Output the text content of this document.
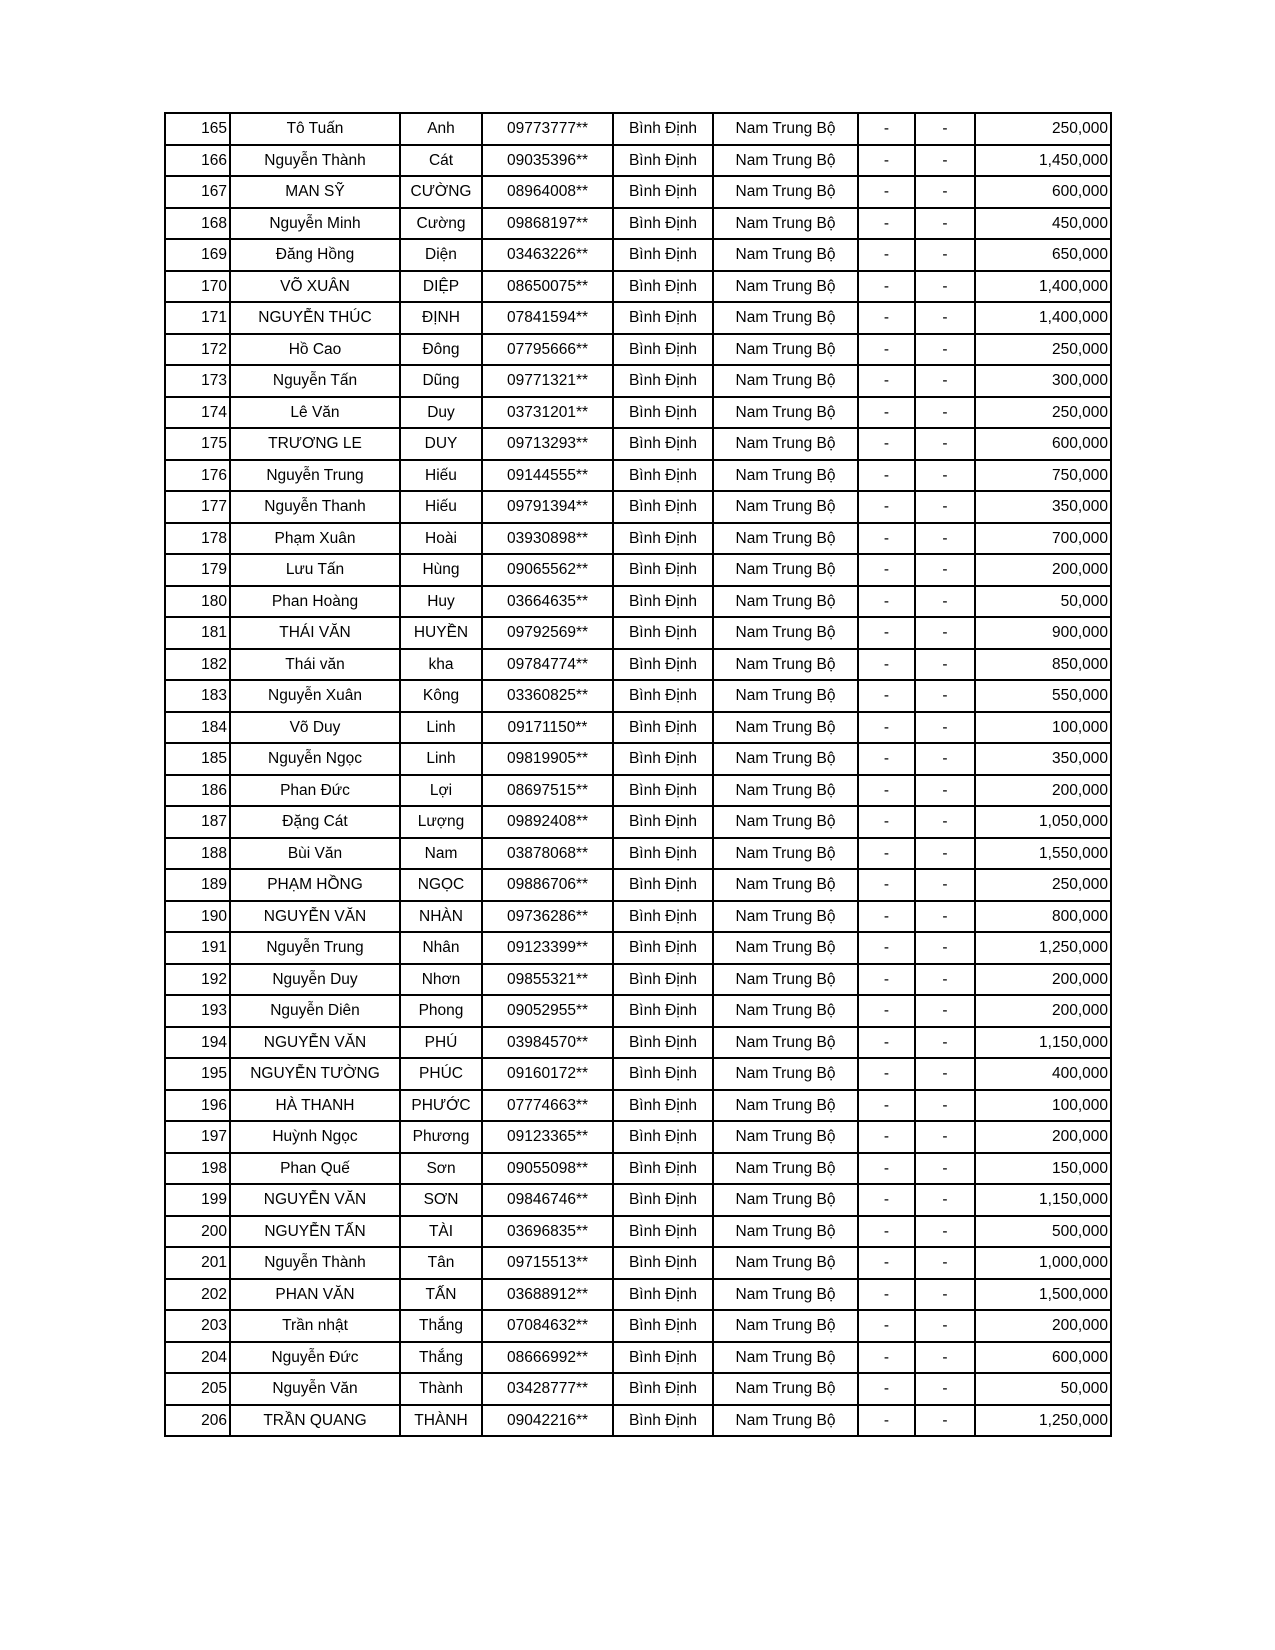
165	Tô Tuấn	Anh	09773777**	Bình Định	Nam Trung Bộ	-	-	250,000
166	Nguyễn Thành	Cát	09035396**	Bình Định	Nam Trung Bộ	-	-	1,450,000
167	MAN SỸ	CƯỜNG	08964008**	Bình Định	Nam Trung Bộ	-	-	600,000
168	Nguyễn Minh	Cường	09868197**	Bình Định	Nam Trung Bộ	-	-	450,000
169	Đăng Hồng	Diện	03463226**	Bình Định	Nam Trung Bộ	-	-	650,000
170	VÕ XUÂN	DIỆP	08650075**	Bình Định	Nam Trung Bộ	-	-	1,400,000
171	NGUYỄN THÚC	ĐỊNH	07841594**	Bình Định	Nam Trung Bộ	-	-	1,400,000
172	Hồ Cao	Đông	07795666**	Bình Định	Nam Trung Bộ	-	-	250,000
173	Nguyễn Tấn	Dũng	09771321**	Bình Định	Nam Trung Bộ	-	-	300,000
174	Lê Văn	Duy	03731201**	Bình Định	Nam Trung Bộ	-	-	250,000
175	TRƯƠNG LE	DUY	09713293**	Bình Định	Nam Trung Bộ	-	-	600,000
176	Nguyễn Trung	Hiếu	09144555**	Bình Định	Nam Trung Bộ	-	-	750,000
177	Nguyễn Thanh	Hiếu	09791394**	Bình Định	Nam Trung Bộ	-	-	350,000
178	Phạm Xuân	Hoài	03930898**	Bình Định	Nam Trung Bộ	-	-	700,000
179	Lưu Tấn	Hùng	09065562**	Bình Định	Nam Trung Bộ	-	-	200,000
180	Phan Hoàng	Huy	03664635**	Bình Định	Nam Trung Bộ	-	-	50,000
181	THÁI VĂN	HUYỀN	09792569**	Bình Định	Nam Trung Bộ	-	-	900,000
182	Thái văn	kha	09784774**	Bình Định	Nam Trung Bộ	-	-	850,000
183	Nguyễn Xuân	Kông	03360825**	Bình Định	Nam Trung Bộ	-	-	550,000
184	Võ Duy	Linh	09171150**	Bình Định	Nam Trung Bộ	-	-	100,000
185	Nguyễn Ngọc	Linh	09819905**	Bình Định	Nam Trung Bộ	-	-	350,000
186	Phan Đức	Lợi	08697515**	Bình Định	Nam Trung Bộ	-	-	200,000
187	Đặng Cát	Lượng	09892408**	Bình Định	Nam Trung Bộ	-	-	1,050,000
188	Bùi Văn	Nam	03878068**	Bình Định	Nam Trung Bộ	-	-	1,550,000
189	PHẠM HỒNG	NGỌC	09886706**	Bình Định	Nam Trung Bộ	-	-	250,000
190	NGUYỄN VĂN	NHÀN	09736286**	Bình Định	Nam Trung Bộ	-	-	800,000
191	Nguyễn Trung	Nhân	09123399**	Bình Định	Nam Trung Bộ	-	-	1,250,000
192	Nguyễn Duy	Nhơn	09855321**	Bình Định	Nam Trung Bộ	-	-	200,000
193	Nguyễn Diên	Phong	09052955**	Bình Định	Nam Trung Bộ	-	-	200,000
194	NGUYỄN VĂN	PHÚ	03984570**	Bình Định	Nam Trung Bộ	-	-	1,150,000
195	NGUYỄN TƯỜNG	PHÚC	09160172**	Bình Định	Nam Trung Bộ	-	-	400,000
196	HÀ THANH	PHƯỚC	07774663**	Bình Định	Nam Trung Bộ	-	-	100,000
197	Huỳnh Ngọc	Phương	09123365**	Bình Định	Nam Trung Bộ	-	-	200,000
198	Phan Quế	Sơn	09055098**	Bình Định	Nam Trung Bộ	-	-	150,000
199	NGUYỄN VĂN	SƠN	09846746**	Bình Định	Nam Trung Bộ	-	-	1,150,000
200	NGUYỄN TẤN	TÀI	03696835**	Bình Định	Nam Trung Bộ	-	-	500,000
201	Nguyễn Thành	Tân	09715513**	Bình Định	Nam Trung Bộ	-	-	1,000,000
202	PHAN VĂN	TẤN	03688912**	Bình Định	Nam Trung Bộ	-	-	1,500,000
203	Trần nhật	Thắng	07084632**	Bình Định	Nam Trung Bộ	-	-	200,000
204	Nguyễn Đức	Thắng	08666992**	Bình Định	Nam Trung Bộ	-	-	600,000
205	Nguyễn Văn	Thành	03428777**	Bình Định	Nam Trung Bộ	-	-	50,000
206	TRẦN QUANG	THÀNH	09042216**	Bình Định	Nam Trung Bộ	-	-	1,250,000
